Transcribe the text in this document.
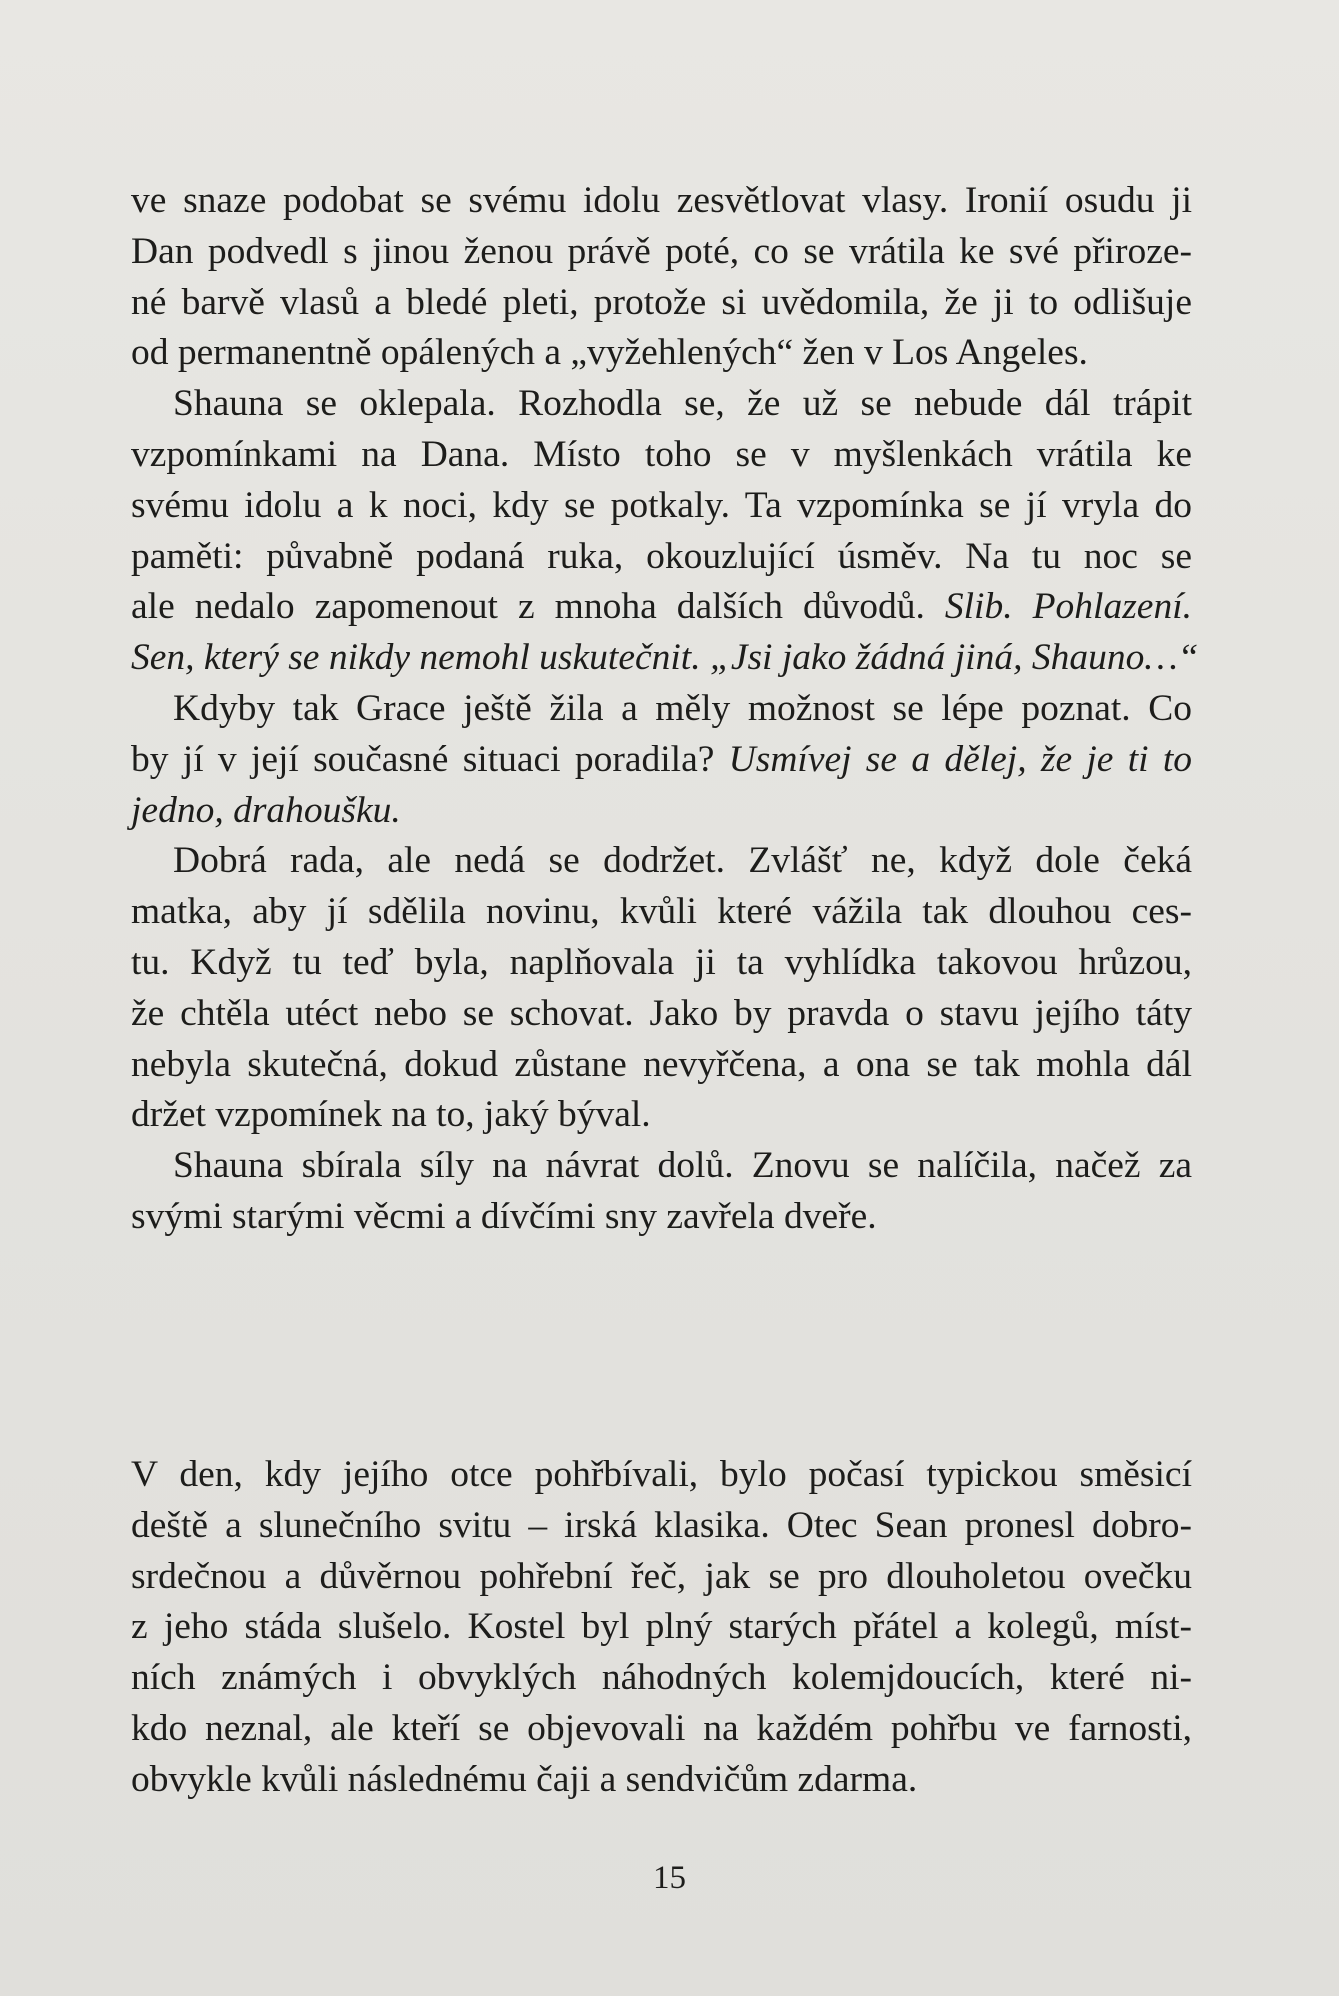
ve snaze podobat se svému idolu zesvětlovat vlasy. Ironií osudu ji
Dan podvedl s jinou ženou právě poté, co se vrátila ke své přiroze-
né barvě vlasů a bledé pleti, protože si uvědomila, že ji to odlišuje
od permanentně opálených a „vyžehlených“ žen v Los Angeles.
Shauna se oklepala. Rozhodla se, že už se nebude dál trápit
vzpomínkami na Dana. Místo toho se v myšlenkách vrátila ke
svému idolu a k noci, kdy se potkaly. Ta vzpomínka se jí vryla do
paměti: půvabně podaná ruka, okouzlující úsměv. Na tu noc se
ale nedalo zapomenout z mnoha dalších důvodů. Slib. Pohlazení.
Sen, který se nikdy nemohl uskutečnit. „Jsi jako žádná jiná, Shauno…“
Kdyby tak Grace ještě žila a měly možnost se lépe poznat. Co
by jí v její současné situaci poradila? Usmívej se a dělej, že je ti to
jedno, drahoušku.
Dobrá rada, ale nedá se dodržet. Zvlášť ne, když dole čeká
matka, aby jí sdělila novinu, kvůli které vážila tak dlouhou ces-
tu. Když tu teď byla, naplňovala ji ta vyhlídka takovou hrůzou,
že chtěla utéct nebo se schovat. Jako by pravda o stavu jejího táty
nebyla skutečná, dokud zůstane nevyřčena, a ona se tak mohla dál
držet vzpomínek na to, jaký býval.
Shauna sbírala síly na návrat dolů. Znovu se nalíčila, načež za
svými starými věcmi a dívčími sny zavřela dveře.
V den, kdy jejího otce pohřbívali, bylo počasí typickou směsicí
deště a slunečního svitu – irská klasika. Otec Sean pronesl dobro-
srdečnou a důvěrnou pohřební řeč, jak se pro dlouholetou ovečku
z jeho stáda slušelo. Kostel byl plný starých přátel a kolegů, míst-
ních známých i obvyklých náhodných kolemjdoucích, které ni-
kdo neznal, ale kteří se objevovali na každém pohřbu ve farnosti,
obvykle kvůli následnému čaji a sendvičům zdarma.
15
